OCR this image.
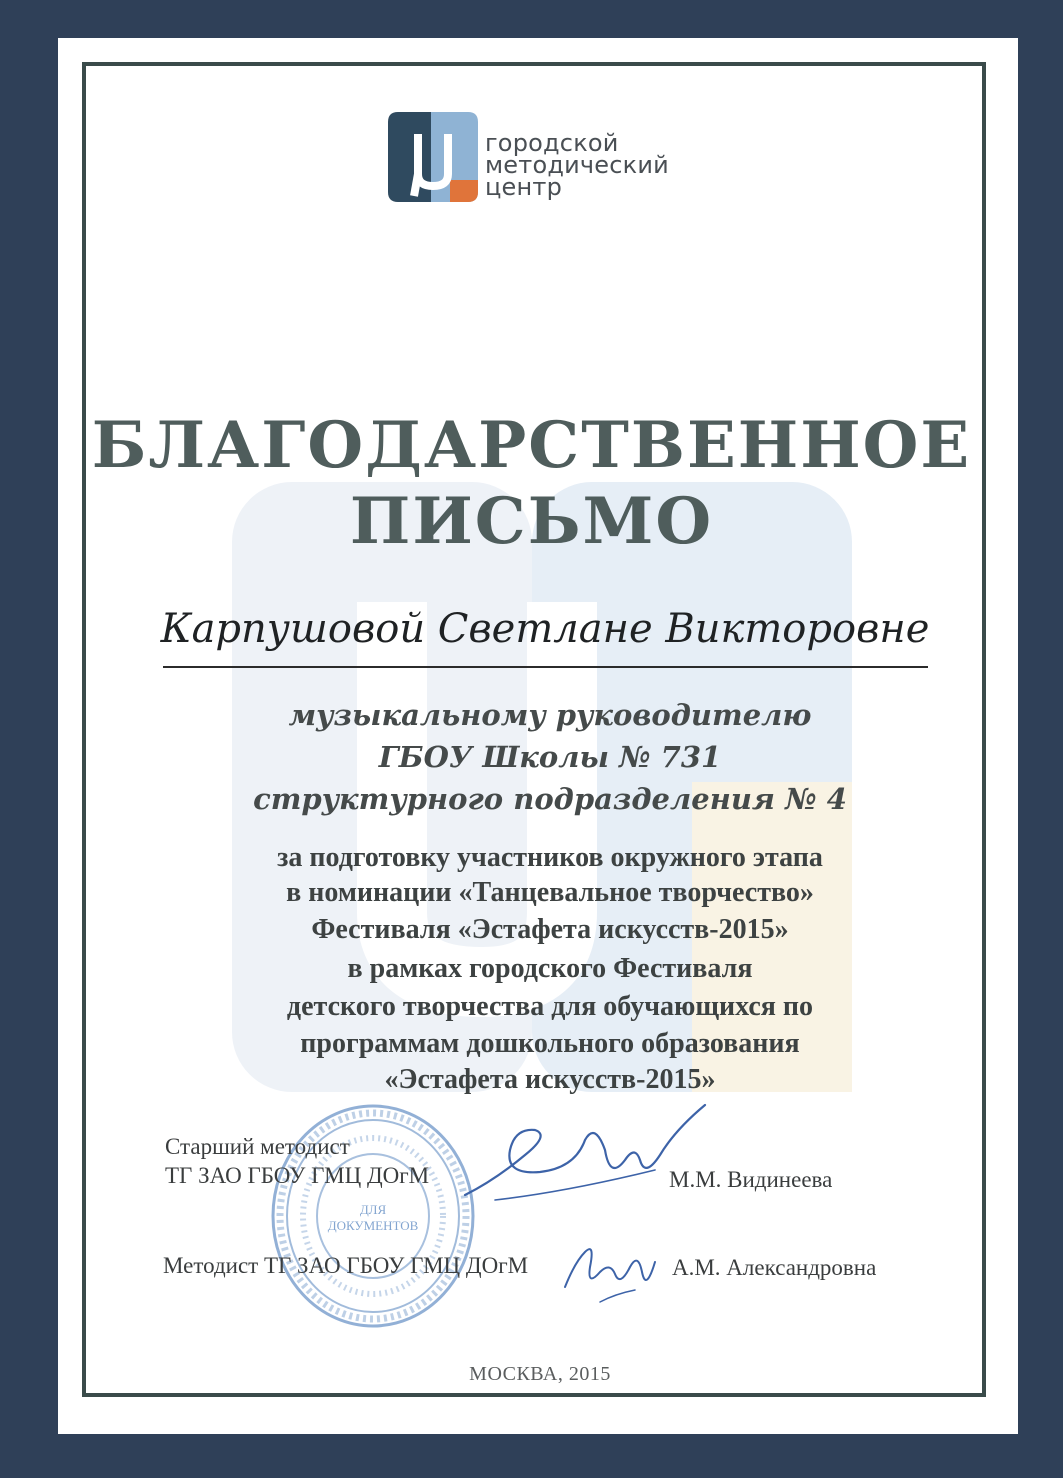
городской
методический
центр
БЛАГОДАРСТВЕННОЕ
ПИСЬМО
Карпушовой Светлане Викторовне
музыкальному руководителю
ГБОУ Школы № 731
структурного подразделения № 4
за подготовку участников окружного этапа
в номинации «Танцевальное творчество»
Фестиваля «Эстафета искусств-2015»
в рамках городского Фестиваля
детского творчества для обучающихся по
программам дошкольного образования
«Эстафета искусств-2015»
ДЛЯ
ДОКУМЕНТОВ
Старший методист
ТГ ЗАО ГБОУ ГМЦ ДОгМ	М.М. Видинеева
Методист ТГ ЗАО ГБОУ ГМЦ ДОгМ	А.М. Александровна
МОСКВА, 2015
